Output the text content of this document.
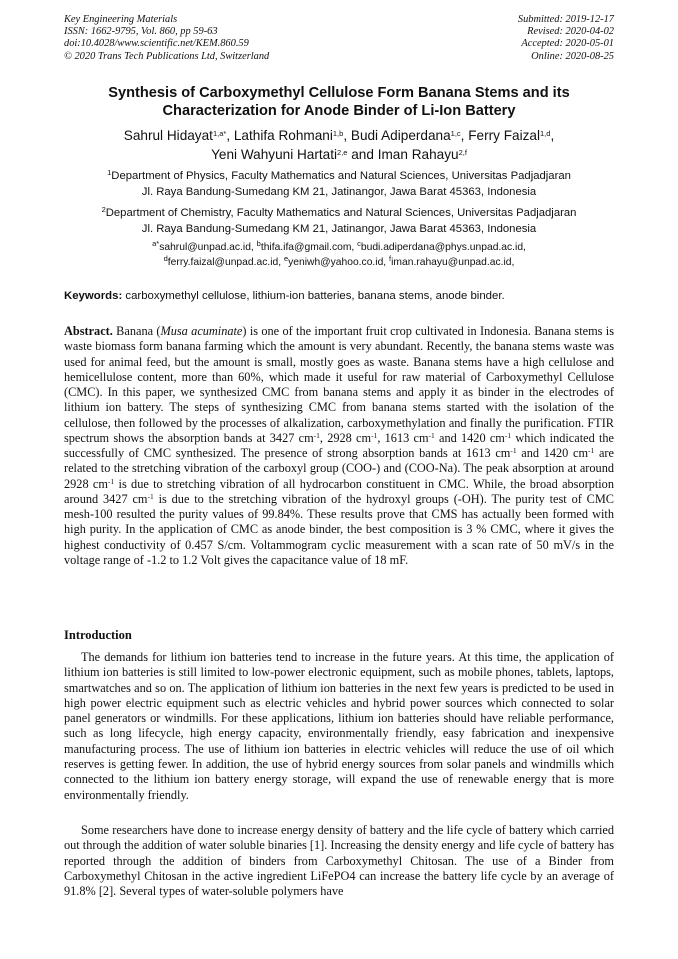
Key Engineering Materials
ISSN: 1662-9795, Vol. 860, pp 59-63
doi:10.4028/www.scientific.net/KEM.860.59
© 2020 Trans Tech Publications Ltd, Switzerland
Submitted: 2019-12-17
Revised: 2020-04-02
Accepted: 2020-05-01
Online: 2020-08-25
Synthesis of Carboxymethyl Cellulose Form Banana Stems and its
Characterization for Anode Binder of Li-Ion Battery
Sahrul Hidayat$^{1,a*}$, Lathifa Rohmani$^{1,b}$, Budi Adiperdana$^{1,c}$, Ferry Faizal$^{1,d}$,
Yeni Wahyuni Hartati$^{2,e}$ and Iman Rahayu$^{2,f}$
$^1$Department of Physics, Faculty Mathematics and Natural Sciences, Universitas Padjadjaran
Jl. Raya Bandung-Sumedang KM 21, Jatinangor, Jawa Barat 45363, Indonesia
$^2$Department of Chemistry, Faculty Mathematics and Natural Sciences, Universitas Padjadjaran
Jl. Raya Bandung-Sumedang KM 21, Jatinangor, Jawa Barat 45363, Indonesia
$^{a*}$sahrul@unpad.ac.id, $^b$thifa.ifa@gmail.com, $^c$budi.adiperdana@phys.unpad.ac.id,
$^d$ferry.faizal@unpad.ac.id, $^e$yeniwh@yahoo.co.id, $^f$iman.rahayu@unpad.ac.id,
Keywords: carboxymethyl cellulose, lithium-ion batteries, banana stems, anode binder.
Abstract. Banana (Musa acuminate) is one of the important fruit crop cultivated in Indonesia. Banana stems is waste biomass form banana farming which the amount is very abundant. Recently, the banana stems waste was used for animal feed, but the amount is small, mostly goes as waste. Banana stems have a high cellulose and hemicellulose content, more than 60%, which made it useful for raw material of Carboxymethyl Cellulose (CMC). In this paper, we synthesized CMC from banana stems and apply it as binder in the electrodes of lithium ion battery. The steps of synthesizing CMC from banana stems started with the isolation of the cellulose, then followed by the processes of alkalization, carboxymethylation and finally the purification. FTIR spectrum shows the absorption bands at 3427 $cm^{-1}$, 2928 $cm^{-1}$, 1613 $cm^{-1}$ and 1420 $cm^{-1}$ which indicated the successfully of CMC synthesized. The presence of strong absorption bands at 1613 $cm^{-1}$ and 1420 $cm^{-1}$ are related to the stretching vibration of the carboxyl group (COO-) and (COO-Na). The peak absorption at around 2928 $cm^{-1}$ is due to stretching vibration of all hydrocarbon constituent in CMC. While, the broad absorption around 3427 $cm^{-1}$ is due to the stretching vibration of the hydroxyl groups (-OH). The purity test of CMC mesh-100 resulted the purity values of 99.84%. These results prove that CMS has actually been formed with high purity. In the application of CMC as anode binder, the best composition is 3 % CMC, where it gives the highest conductivity of 0.457 S/cm. Voltammogram cyclic measurement with a scan rate of 50 mV/s in the voltage range of -1.2 to 1.2 Volt gives the capacitance value of 18 mF.
Introduction
The demands for lithium ion batteries tend to increase in the future years. At this time, the application of lithium ion batteries is still limited to low-power electronic equipment, such as mobile phones, tablets, laptops, smartwatches and so on. The application of lithium ion batteries in the next few years is predicted to be used in high power electric equipment such as electric vehicles and hybrid power sources which connected to solar panel generators or windmills. For these applications, lithium ion batteries should have reliable performance, such as long lifecycle, high energy capacity, environmentally friendly, easy fabrication and inexpensive manufacturing process. The use of lithium ion batteries in electric vehicles will reduce the use of oil which reserves is getting fewer. In addition, the use of hybrid energy sources from solar panels and windmills which connected to the lithium ion battery energy storage, will expand the use of renewable energy that is more environmentally friendly.
Some researchers have done to increase energy density of battery and the life cycle of battery which carried out through the addition of water soluble binaries [1]. Increasing the density energy and life cycle of battery has reported through the addition of binders from Carboxymethyl Chitosan. The use of a Binder from Carboxymethyl Chitosan in the active ingredient LiFePO4 can increase the battery life cycle by an average of 91.8% [2]. Several types of water-soluble polymers have
